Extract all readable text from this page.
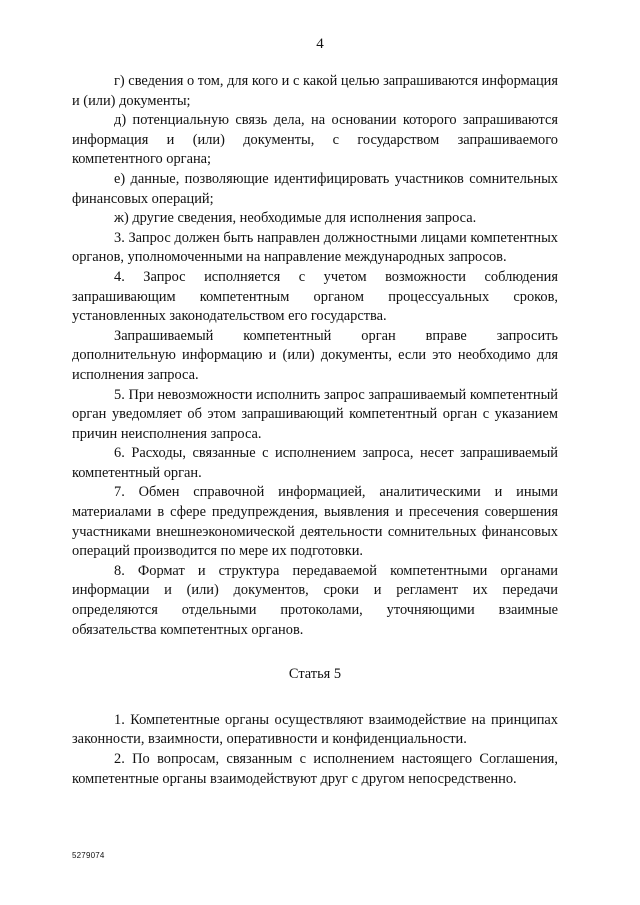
4

г) сведения о том, для кого и с какой целью запрашиваются информация и (или) документы;

д) потенциальную связь дела, на основании которого запрашиваются информация и (или) документы, с государством запрашиваемого компетентного органа;

е) данные, позволяющие идентифицировать участников сомнительных финансовых операций;

ж) другие сведения, необходимые для исполнения запроса.

3. Запрос должен быть направлен должностными лицами компетентных органов, уполномоченными на направление международных запросов.

4. Запрос исполняется с учетом возможности соблюдения запрашивающим компетентным органом процессуальных сроков, установленных законодательством его государства.

Запрашиваемый компетентный орган вправе запросить дополнительную информацию и (или) документы, если это необходимо для исполнения запроса.

5. При невозможности исполнить запрос запрашиваемый компетентный орган уведомляет об этом запрашивающий компетентный орган с указанием причин неисполнения запроса.

6. Расходы, связанные с исполнением запроса, несет запрашиваемый компетентный орган.

7. Обмен справочной информацией, аналитическими и иными материалами в сфере предупреждения, выявления и пресечения совершения участниками внешнеэкономической деятельности сомнительных финансовых операций производится по мере их подготовки.

8. Формат и структура передаваемой компетентными органами информации и (или) документов, сроки и регламент их передачи определяются отдельными протоколами, уточняющими взаимные обязательства компетентных органов.

Статья 5

1. Компетентные органы осуществляют взаимодействие на принципах законности, взаимности, оперативности и конфиденциальности.

2. По вопросам, связанным с исполнением настоящего Соглашения, компетентные органы взаимодействуют друг с другом непосредственно.

5279074
